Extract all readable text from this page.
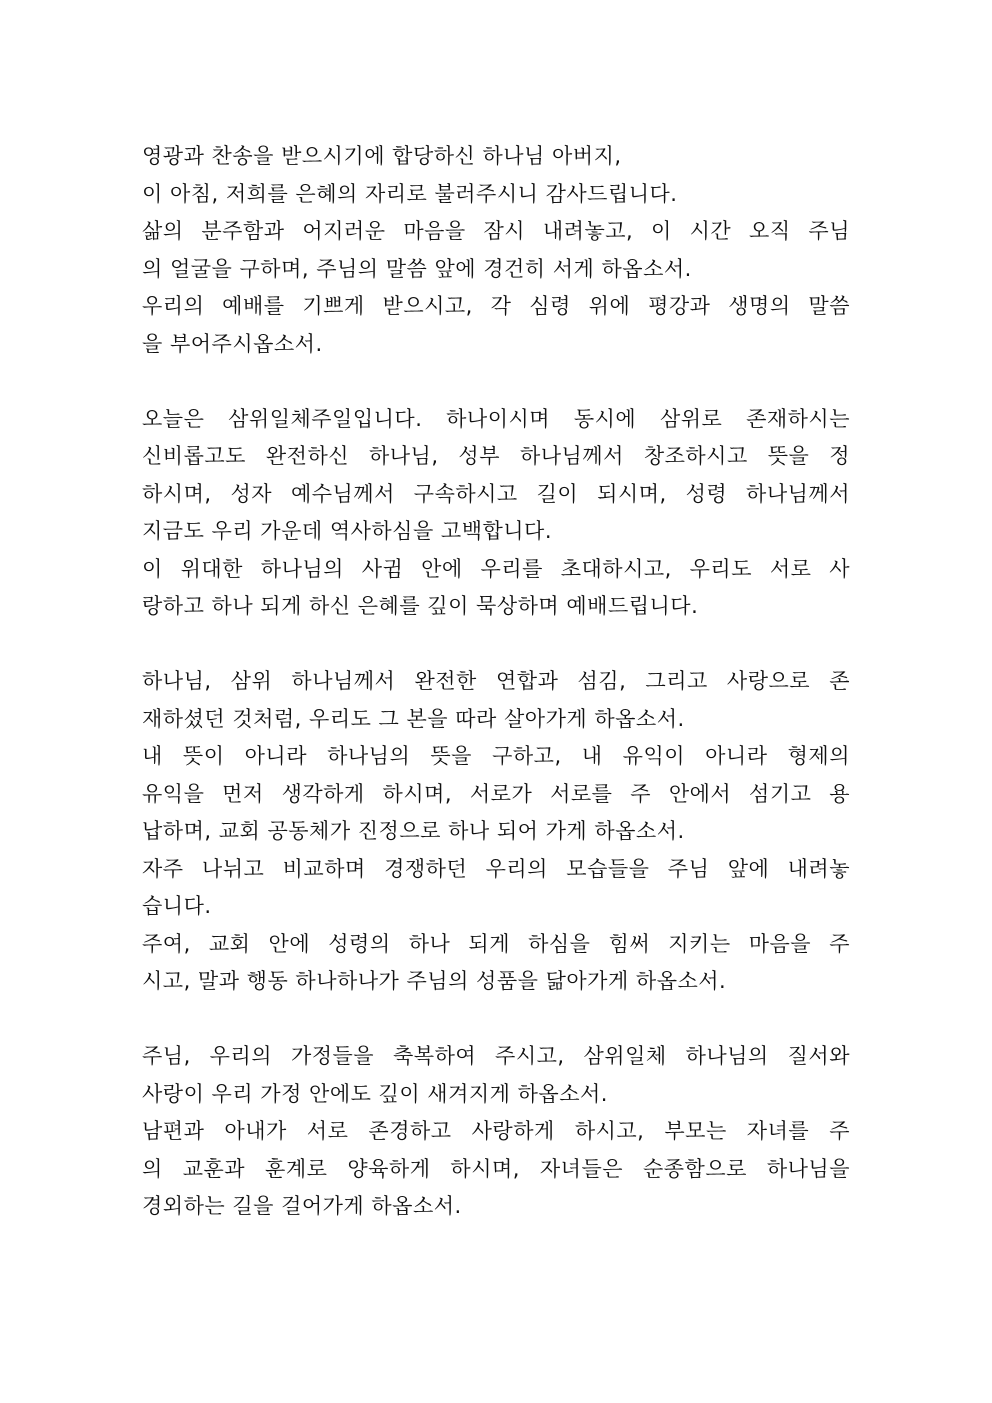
영광과 찬송을 받으시기에 합당하신 하나님 아버지,
이 아침, 저희를 은혜의 자리로 불러주시니 감사드립니다.
삶의 분주함과 어지러운 마음을 잠시 내려놓고, 이 시간 오직 주님
의 얼굴을 구하며, 주님의 말씀 앞에 경건히 서게 하옵소서.
우리의 예배를 기쁘게 받으시고, 각 심령 위에 평강과 생명의 말씀
을 부어주시옵소서.
오늘은 삼위일체주일입니다. 하나이시며 동시에 삼위로 존재하시는
신비롭고도 완전하신 하나님, 성부 하나님께서 창조하시고 뜻을 정
하시며, 성자 예수님께서 구속하시고 길이 되시며, 성령 하나님께서
지금도 우리 가운데 역사하심을 고백합니다.
이 위대한 하나님의 사귐 안에 우리를 초대하시고, 우리도 서로 사
랑하고 하나 되게 하신 은혜를 깊이 묵상하며 예배드립니다.
하나님, 삼위 하나님께서 완전한 연합과 섬김, 그리고 사랑으로 존
재하셨던 것처럼, 우리도 그 본을 따라 살아가게 하옵소서.
내 뜻이 아니라 하나님의 뜻을 구하고, 내 유익이 아니라 형제의
유익을 먼저 생각하게 하시며, 서로가 서로를 주 안에서 섬기고 용
납하며, 교회 공동체가 진정으로 하나 되어 가게 하옵소서.
자주 나뉘고 비교하며 경쟁하던 우리의 모습들을 주님 앞에 내려놓
습니다.
주여, 교회 안에 성령의 하나 되게 하심을 힘써 지키는 마음을 주
시고, 말과 행동 하나하나가 주님의 성품을 닮아가게 하옵소서.
주님, 우리의 가정들을 축복하여 주시고, 삼위일체 하나님의 질서와
사랑이 우리 가정 안에도 깊이 새겨지게 하옵소서.
남편과 아내가 서로 존경하고 사랑하게 하시고, 부모는 자녀를 주
의 교훈과 훈계로 양육하게 하시며, 자녀들은 순종함으로 하나님을
경외하는 길을 걸어가게 하옵소서.
